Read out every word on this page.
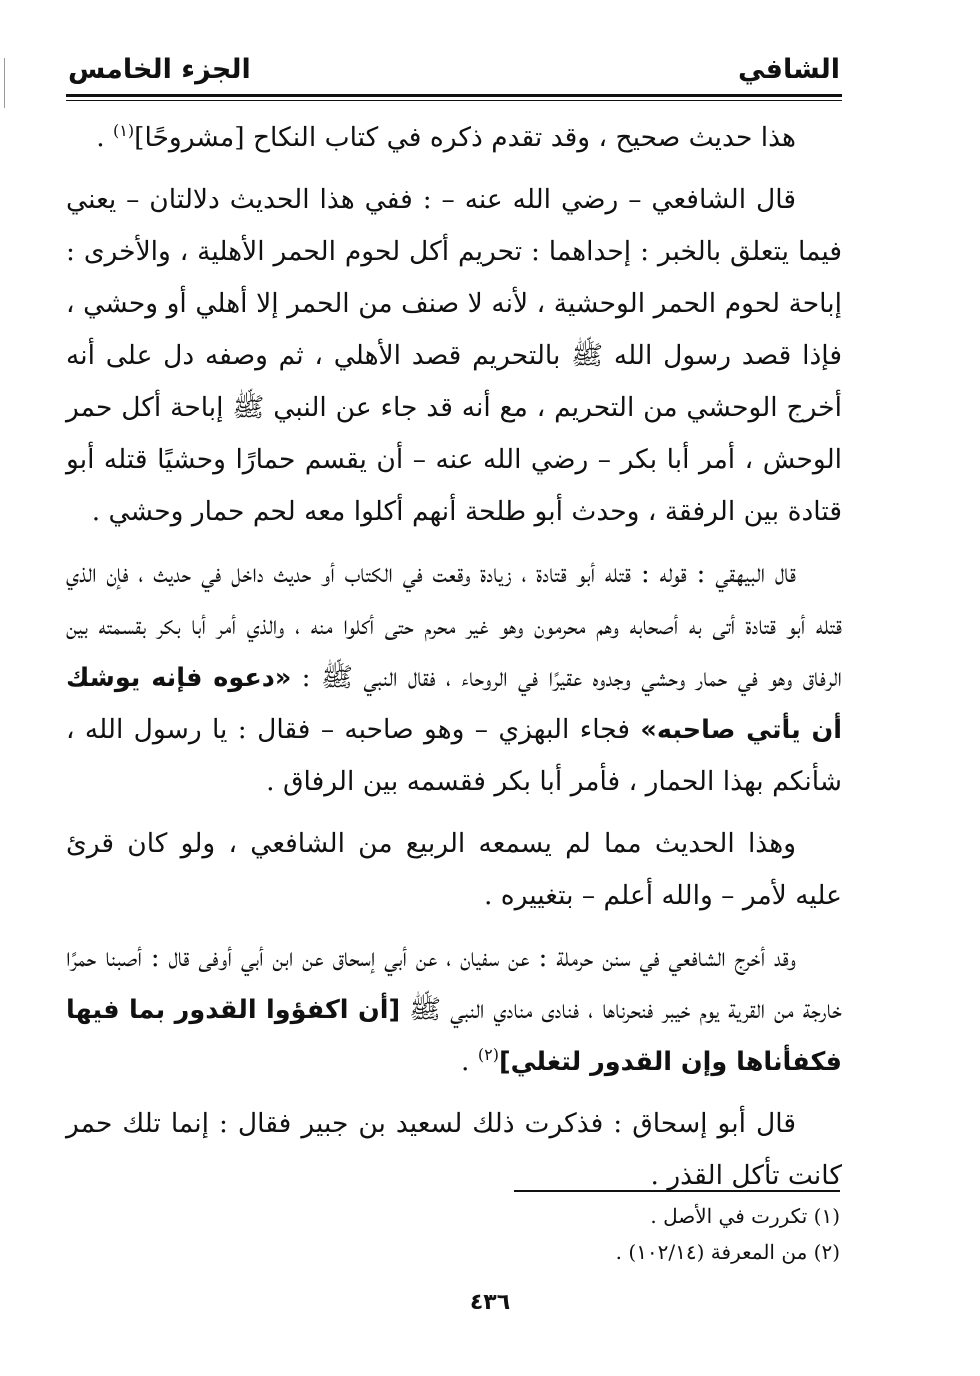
الشافي
الجزء الخامس

هذا حديث صحيح ، وقد تقدم ذكره في كتاب النكاح [مشروحًا]$^{(١)}$ .

قال الشافعي – رضي الله عنه – : ففي هذا الحديث دلالتان – يعني فيما يتعلق بالخبر : إحداهما : تحريم أكل لحوم الحمر الأهلية ، والأخرى : إباحة لحوم الحمر الوحشية ، لأنه لا صنف من الحمر إلا أهلي أو وحشي ، فإذا قصد رسول الله ﷺ بالتحريم قصد الأهلي ، ثم وصفه دل على أنه أخرج الوحشي من التحريم ، مع أنه قد جاء عن النبي ﷺ إباحة أكل حمر الوحش ، أمر أبا بكر – رضي الله عنه – أن يقسم حمارًا وحشيًا قتله أبو قتادة بين الرفقة ، وحدث أبو طلحة أنهم أكلوا معه لحم حمار وحشي .

قال البيهقي : قوله : قتله أبو قتادة ، زيادة وقعت في الكتاب أو حديث داخل في حديث ، فإن الذي قتله أبو قتادة أتى به أصحابه وهم محرمون وهو غير محرم حتى أكلوا منه ، والذي أمر أبا بكر بقسمته بين الرفاق وهو في حمار وحشي وجدوه عقيرًا في الروحاء ، فقال النبي ﷺ : «دعوه فإنه يوشك أن يأتي صاحبه» فجاء البهزي – وهو صاحبه – فقال : يا رسول الله ، شأنكم بهذا الحمار ، فأمر أبا بكر فقسمه بين الرفاق .

وهذا الحديث مما لم يسمعه الربيع من الشافعي ، ولو كان قرئ عليه لأمر – والله أعلم – بتغييره .

وقد أخرج الشافعي في سنن حرملة : عن سفيان ، عن أبي إسحاق عن ابن أبي أوفى قال : أصبنا حمرًا خارجة من القرية يوم خيبر فنحرناها ، فنادى منادي النبي ﷺ [أن اكفؤوا القدور بما فيها فكفأناها وإن القدور لتغلي]$^{(٢)}$ .

قال أبو إسحاق : فذكرت ذلك لسعيد بن جبير فقال : إنما تلك حمر كانت تأكل القذر .

(١) تكررت في الأصل .

(٢) من المعرفة (١٠٢/١٤) .

٤٣٦
